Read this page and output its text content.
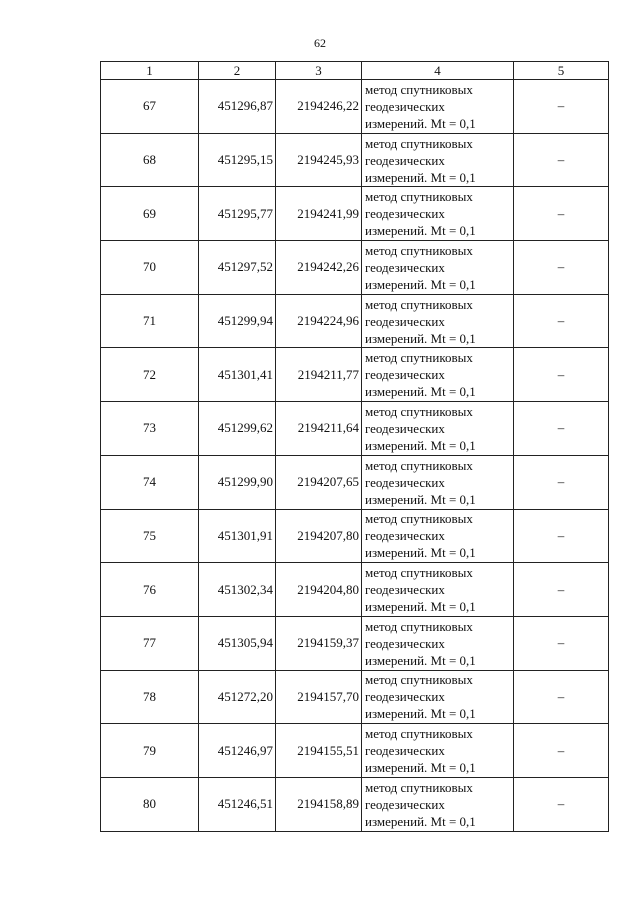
62
1	2	3	4	5
67	451296,87	2194246,22	метод спутниковых
геодезических
измерений. Mt = 0,1	–
68	451295,15	2194245,93	метод спутниковых
геодезических
измерений. Mt = 0,1	–
69	451295,77	2194241,99	метод спутниковых
геодезических
измерений. Mt = 0,1	–
70	451297,52	2194242,26	метод спутниковых
геодезических
измерений. Mt = 0,1	–
71	451299,94	2194224,96	метод спутниковых
геодезических
измерений. Mt = 0,1	–
72	451301,41	2194211,77	метод спутниковых
геодезических
измерений. Mt = 0,1	–
73	451299,62	2194211,64	метод спутниковых
геодезических
измерений. Mt = 0,1	–
74	451299,90	2194207,65	метод спутниковых
геодезических
измерений. Mt = 0,1	–
75	451301,91	2194207,80	метод спутниковых
геодезических
измерений. Mt = 0,1	–
76	451302,34	2194204,80	метод спутниковых
геодезических
измерений. Mt = 0,1	–
77	451305,94	2194159,37	метод спутниковых
геодезических
измерений. Mt = 0,1	–
78	451272,20	2194157,70	метод спутниковых
геодезических
измерений. Mt = 0,1	–
79	451246,97	2194155,51	метод спутниковых
геодезических
измерений. Mt = 0,1	–
80	451246,51	2194158,89	метод спутниковых
геодезических
измерений. Mt = 0,1	–
